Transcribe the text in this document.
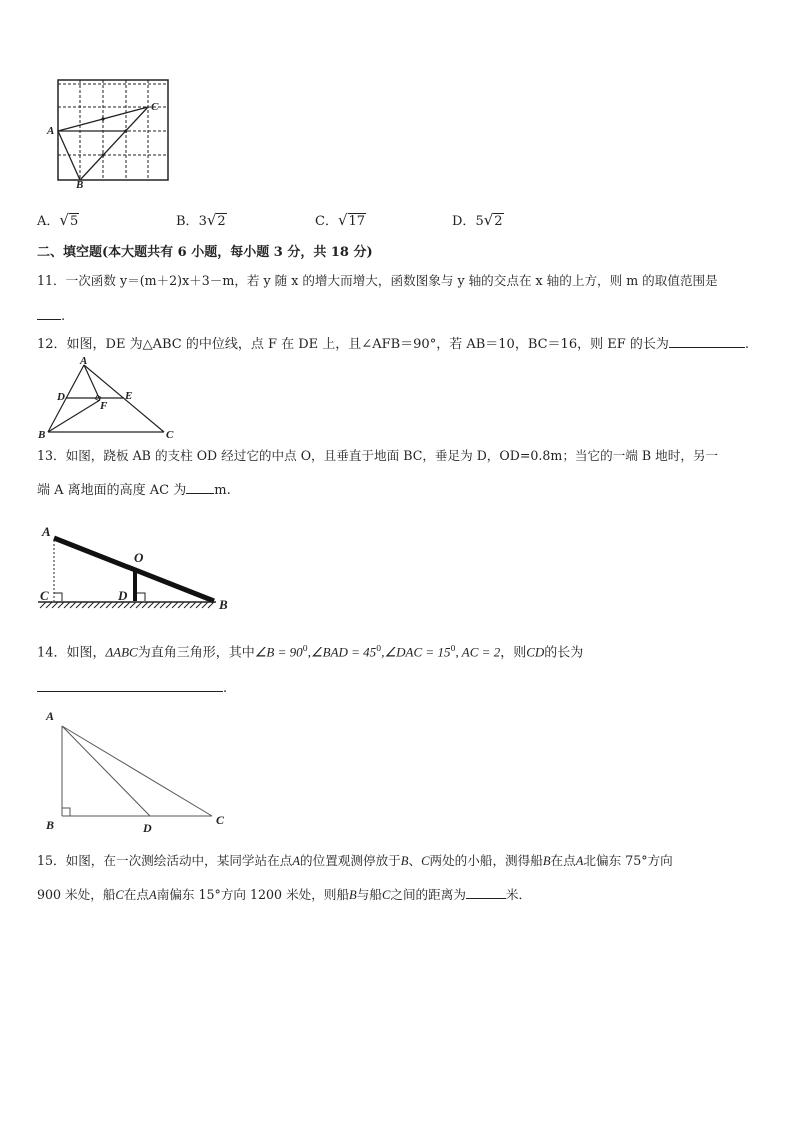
A
C
B
A．√5	B．3√2	C．√17	D．5√2
二、填空题(本大题共有 6 小题，每小题 3 分，共 18 分)
11．一次函数 y＝(m＋2)x＋3－m，若 y 随 x 的增大而增大，函数图象与 y 轴的交点在 x 轴的上方，则 m 的取值范围是
.
12．如图，DE 为△ABC 的中位线，点 F 在 DE 上，且∠AFB＝90°，若 AB＝10，BC＝16，则 EF 的长为	.
A
D	E
F
B	C
13．如图，跷板 AB 的支柱 OD 经过它的中点 O，且垂直于地面 BC，垂足为 D，OD=0.8m；当它的一端 B 地时，另一
端 A 离地面的高度 AC 为 m.
A
O
C	D
B
14．如图，ΔABC为直角三角形，其中∠B = $90^0,\angle BAD$ = $45^0,\angle DAC = 15^0$, AC = 2，则CD的长为
.
A
B	D
C
15．如图，在一次测绘活动中，某同学站在点A的位置观测停放于B、C两处的小船，测得船B在点A北偏东 75°方向
900 米处，船C在点A南偏东 15°方向 1200 米处，则船B与船C之间的距离为	米．
